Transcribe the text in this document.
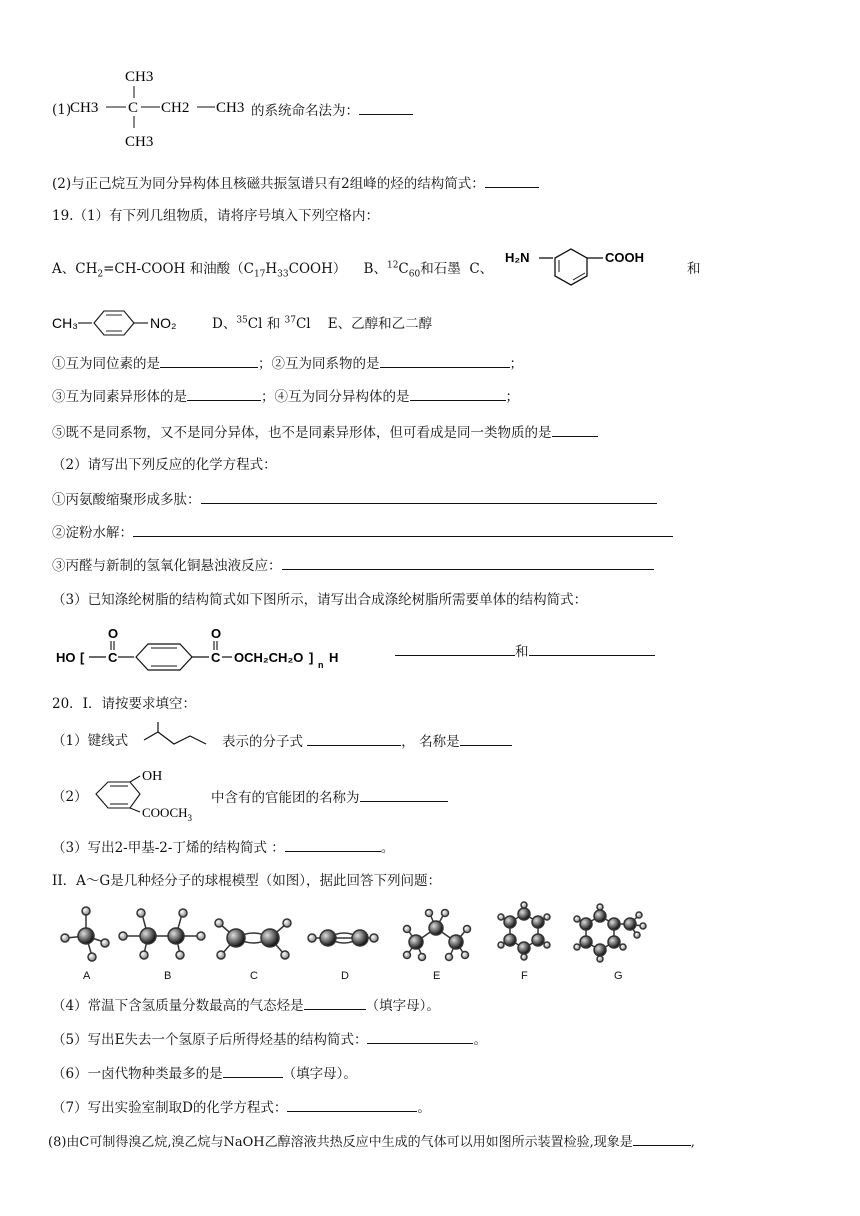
(1)
CH3
CH3 C CH2 CH3
CH3
的系统命名法为：
(2)与正己烷互为同分异构体且核磁共振氢谱只有2组峰的烃的结构简式：
19.（1）有下列几组物质，请将序号填入下列空格内：
A、$CH_2=CH$-COOH 和油酸$(C_{17}H_{33}COOH)$ B、$^{12}C_{60}$和石墨 C、
H₂N	COOH
和
CH₃	NO₂	D、$^{35}$Cl 和 $^{37}$Cl E、乙醇和乙二醇
①互为同位素的是	；②互为同系物的是	；
③互为同素异形体的是	；④互为同分异构体的是	；
⑤既不是同系物，又不是同分异体，也不是同素异形体，但可看成是同一类物质的是
（2）请写出下列反应的化学方程式：
①丙氨酸缩聚形成多肽：
②淀粉水解：
③丙醛与新制的氢氧化铜悬浊液反应：
（3）已知涤纶树脂的结构简式如下图所示，请写出合成涤纶树脂所需要单体的结构简式：
HO [ C
O
C
O
OCH₂CH₂O ] n H	和
20．I．请按要求填空：
（1）键线式	表示的分子式	， 名称是
（2）
OH
$COOCH_3$
中含有的官能团的名称为
（3）写出2-甲基-2-丁烯的结构简式 ：	。
II．A～G是几种烃分子的球棍模型（如图），据此回答下列问题：
A	B	C	D	E	F	G
（4）常温下含氢质量分数最高的气态烃是	（填字母）。
（5）写出E失去一个氢原子后所得烃基的结构简式：	。
（6）一卤代物种类最多的是	（填字母）。
（7）写出实验室制取D的化学方程式：	。
(8)由C可制得溴乙烷,溴乙烷与NaOH乙醇溶液共热反应中生成的气体可以用如图所示装置检验,现象是	,
